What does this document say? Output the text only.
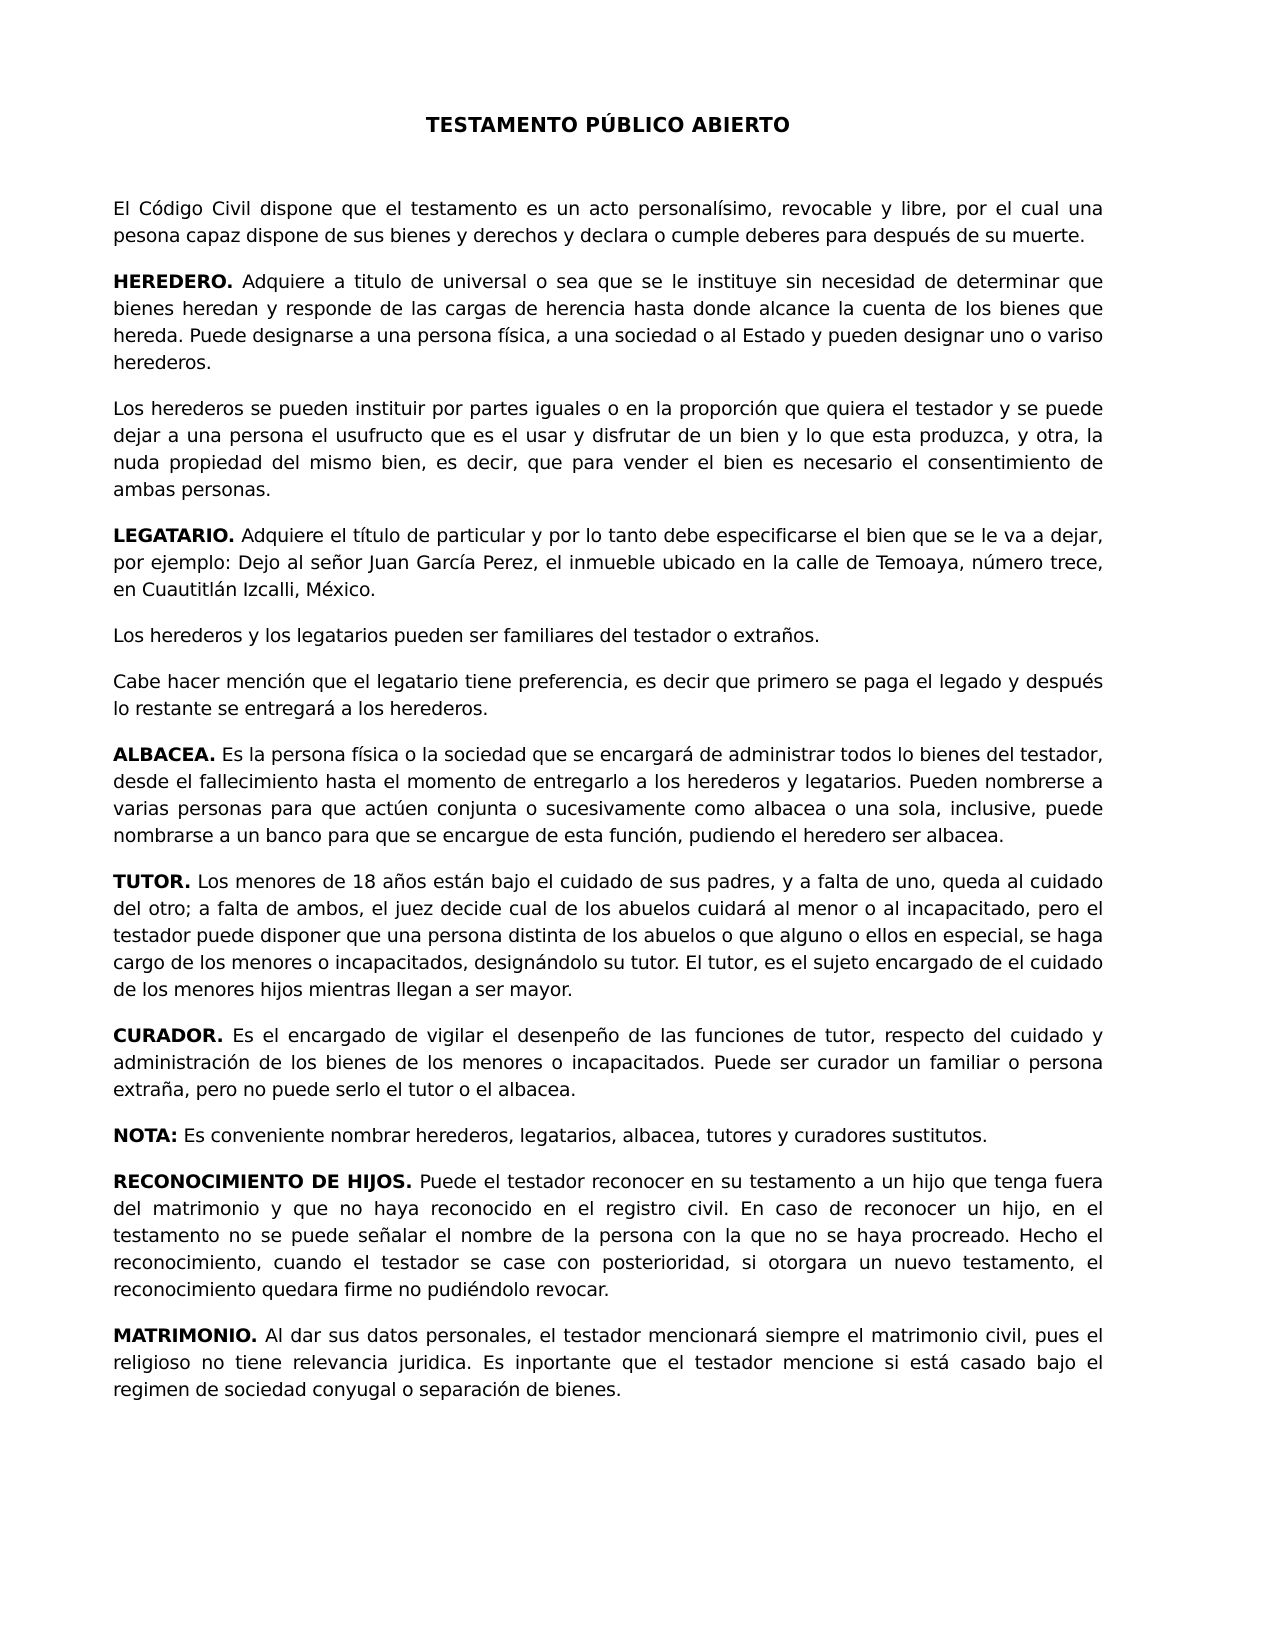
TESTAMENTO PÚBLICO ABIERTO

El Código Civil dispone que el testamento es un acto personalísimo, revocable y libre, por el cual una pesona capaz dispone de sus bienes y derechos y declara o cumple deberes para después de su muerte.

HEREDERO. Adquiere a titulo de universal o sea que se le instituye sin necesidad de determinar que bienes heredan y responde de las cargas de herencia hasta donde alcance la cuenta de los bienes que hereda. Puede designarse a una persona física, a una sociedad o al Estado y pueden designar uno o variso herederos.

Los herederos se pueden instituir por partes iguales o en la proporción que quiera el testador y se puede dejar a una persona el usufructo que es el usar y disfrutar de un bien y lo que esta produzca, y otra, la nuda propiedad del mismo bien, es decir, que para vender el bien es necesario el consentimiento de ambas personas.

LEGATARIO. Adquiere el título de particular y por lo tanto debe especificarse el bien que se le va a dejar, por ejemplo: Dejo al señor Juan García Perez, el inmueble ubicado en la calle de Temoaya, número trece, en Cuautitlán Izcalli, México.

Los herederos y los legatarios pueden ser familiares del testador o extraños.

Cabe hacer mención que el legatario tiene preferencia, es decir que primero se paga el legado y después lo restante se entregará a los herederos.

ALBACEA. Es la persona física o la sociedad que se encargará de administrar todos lo bienes del testador, desde el fallecimiento hasta el momento de entregarlo a los herederos y legatarios. Pueden nombrerse a varias personas para que actúen conjunta o sucesivamente como albacea o una sola, inclusive, puede nombrarse a un banco para que se encargue de esta función, pudiendo el heredero ser albacea.

TUTOR. Los menores de 18 años están bajo el cuidado de sus padres, y a falta de uno, queda al cuidado del otro; a falta de ambos, el juez decide cual de los abuelos cuidará al menor o al incapacitado, pero el testador puede disponer que una persona distinta de los abuelos o que alguno o ellos en especial, se haga cargo de los menores o incapacitados, designándolo su tutor. El tutor, es el sujeto encargado de el cuidado de los menores hijos mientras llegan a ser mayor.

CURADOR. Es el encargado de vigilar el desenpeño de las funciones de tutor, respecto del cuidado y administración de los bienes de los menores o incapacitados. Puede ser curador un familiar o persona extraña, pero no puede serlo el tutor o el albacea.

NOTA: Es conveniente nombrar herederos, legatarios, albacea, tutores y curadores sustitutos.

RECONOCIMIENTO DE HIJOS. Puede el testador reconocer en su testamento a un hijo que tenga fuera del matrimonio y que no haya reconocido en el registro civil. En caso de reconocer un hijo, en el testamento no se puede señalar el nombre de la persona con la que no se haya procreado. Hecho el reconocimiento, cuando el testador se case con posterioridad, si otorgara un nuevo testamento, el reconocimiento quedara firme no pudiéndolo revocar.

MATRIMONIO. Al dar sus datos personales, el testador mencionará siempre el matrimonio civil, pues el religioso no tiene relevancia juridica. Es inportante que el testador mencione si está casado bajo el regimen de sociedad conyugal o separación de bienes.
